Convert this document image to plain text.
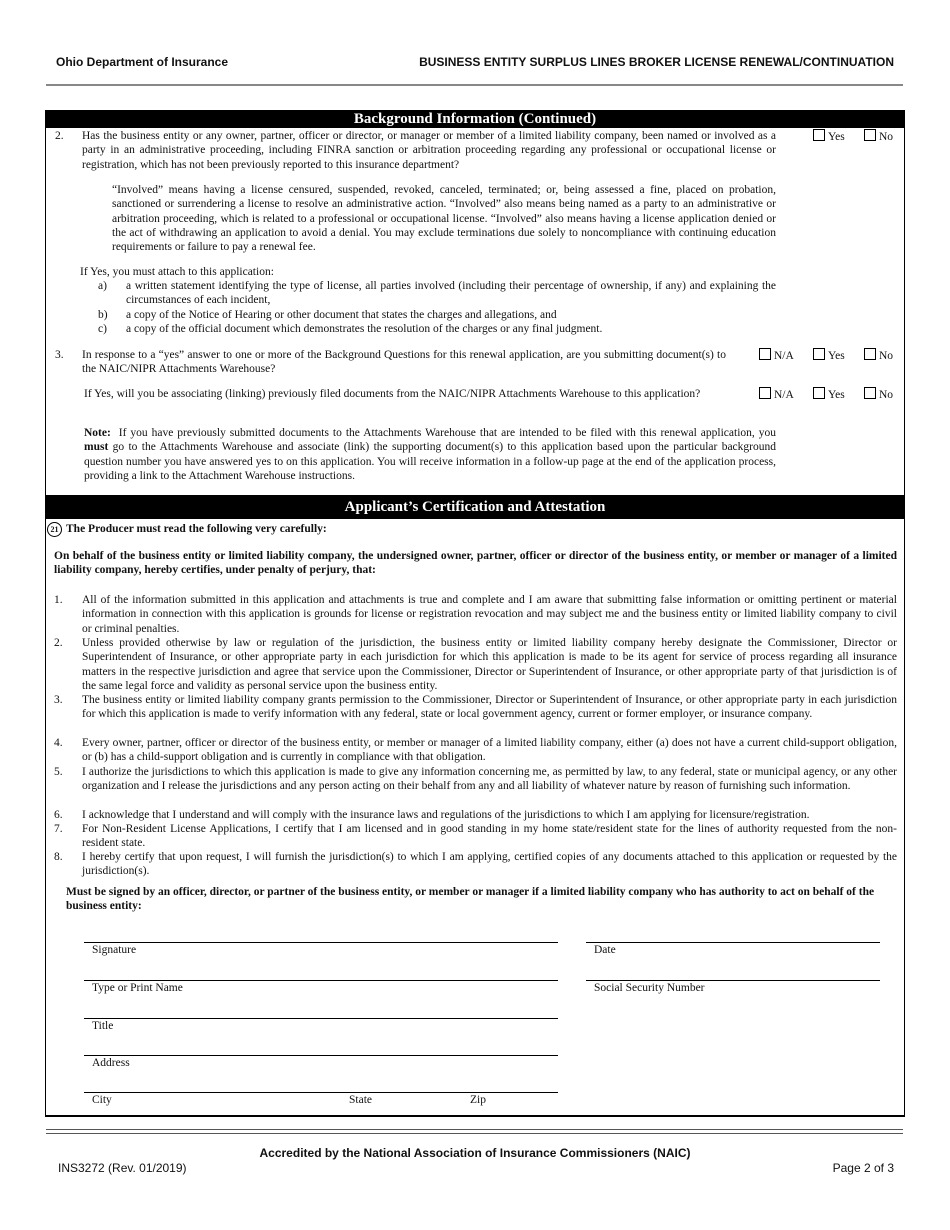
Ohio Department of Insurance	BUSINESS ENTITY SURPLUS LINES BROKER LICENSE RENEWAL/CONTINUATION
Background Information (Continued)
2. Has the business entity or any owner, partner, officer or director, or manager or member of a limited liability company, been named or involved as a party in an administrative proceeding, including FINRA sanction or arbitration proceeding regarding any professional or occupational license or registration, which has not been previously reported to this insurance department?
Yes	No
“Involved” means having a license censured, suspended, revoked, canceled, terminated; or, being assessed a fine, placed on probation, sanctioned or surrendering a license to resolve an administrative action. “Involved” also means being named as a party to an administrative or arbitration proceeding, which is related to a professional or occupational license. “Involved” also means having a license application denied or the act of withdrawing an application to avoid a denial. You may exclude terminations due solely to noncompliance with continuing education requirements or failure to pay a renewal fee.
If Yes, you must attach to this application:
a) a written statement identifying the type of license, all parties involved (including their percentage of ownership, if any) and explaining the circumstances of each incident,
b) a copy of the Notice of Hearing or other document that states the charges and allegations, and
c) a copy of the official document which demonstrates the resolution of the charges or any final judgment.
3. In response to a “yes” answer to one or more of the Background Questions for this renewal application, are you submitting document(s) to the NAIC/NIPR Attachments Warehouse?
N/A	Yes	No
If Yes, will you be associating (linking) previously filed documents from the NAIC/NIPR Attachments Warehouse to this application?	N/A	Yes	No
Note: If you have previously submitted documents to the Attachments Warehouse that are intended to be filed with this renewal application, you must go to the Attachments Warehouse and associate (link) the supporting document(s) to this application based upon the particular background question number you have answered yes to on this application. You will receive information in a follow-up page at the end of the application process, providing a link to the Attachment Warehouse instructions.
Applicant’s Certification and Attestation
21 The Producer must read the following very carefully:
On behalf of the business entity or limited liability company, the undersigned owner, partner, officer or director of the business entity, or member or manager of a limited liability company, hereby certifies, under penalty of perjury, that:
1. All of the information submitted in this application and attachments is true and complete and I am aware that submitting false information or omitting pertinent or material information in connection with this application is grounds for license or registration revocation and may subject me and the business entity or limited liability company to civil or criminal penalties.
2. Unless provided otherwise by law or regulation of the jurisdiction, the business entity or limited liability company hereby designate the Commissioner, Director or Superintendent of Insurance, or other appropriate party in each jurisdiction for which this application is made to be its agent for service of process regarding all insurance matters in the respective jurisdiction and agree that service upon the Commissioner, Director or Superintendent of Insurance, or other appropriate party of that jurisdiction is of the same legal force and validity as personal service upon the business entity.
3. The business entity or limited liability company grants permission to the Commissioner, Director or Superintendent of Insurance, or other appropriate party in each jurisdiction for which this application is made to verify information with any federal, state or local government agency, current or former employer, or insurance company.
4. Every owner, partner, officer or director of the business entity, or member or manager of a limited liability company, either (a) does not have a current child-support obligation, or (b) has a child-support obligation and is currently in compliance with that obligation.
5. I authorize the jurisdictions to which this application is made to give any information concerning me, as permitted by law, to any federal, state or municipal agency, or any other organization and I release the jurisdictions and any person acting on their behalf from any and all liability of whatever nature by reason of furnishing such information.
6. I acknowledge that I understand and will comply with the insurance laws and regulations of the jurisdictions to which I am applying for licensure/registration.
7. For Non-Resident License Applications, I certify that I am licensed and in good standing in my home state/resident state for the lines of authority requested from the non-resident state.
8. I hereby certify that upon request, I will furnish the jurisdiction(s) to which I am applying, certified copies of any documents attached to this application or requested by the jurisdiction(s).
Must be signed by an officer, director, or partner of the business entity, or member or manager if a limited liability company who has authority to act on behalf of the business entity:
Signature	Date
Type or Print Name	Social Security Number
Title
Address
City	State	Zip
Accredited by the National Association of Insurance Commissioners (NAIC)
INS3272 (Rev. 01/2019)	Page 2 of 3
